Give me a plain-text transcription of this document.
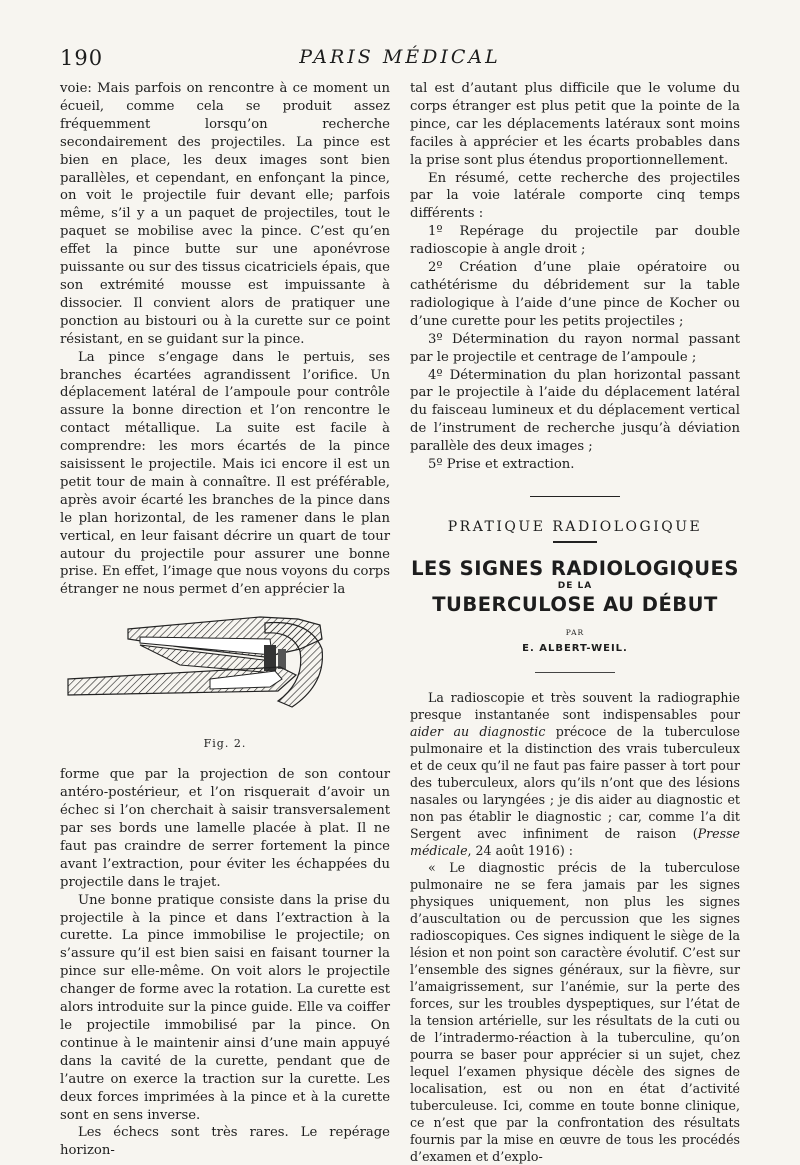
190	PARIS MÉDICAL

voie: Mais parfois on rencontre à ce moment un écueil, comme cela se produit assez fréquemment lorsqu’on recherche secondairement des projectiles. La pince est bien en place, les deux images sont bien parallèles, et cependant, en enfonçant la pince, on voit le projectile fuir devant elle; parfois même, s’il y a un paquet de projectiles, tout le paquet se mobilise avec la pince. C’est qu’en effet la pince butte sur une aponévrose puissante ou sur des tissus cicatriciels épais, que son extrémité mousse est impuissante à dissocier. Il convient alors de pratiquer une ponction au bistouri ou à la curette sur ce point résistant, en se guidant sur la pince.

La pince s’engage dans le pertuis, ses branches écartées agrandissent l’orifice. Un déplacement latéral de l’ampoule pour contrôle assure la bonne direction et l’on rencontre le contact métallique. La suite est facile à comprendre: les mors écartés de la pince saisissent le projectile. Mais ici encore il est un petit tour de main à connaître. Il est préférable, après avoir écarté les branches de la pince dans le plan horizontal, de les ramener dans le plan vertical, en leur faisant décrire un quart de tour autour du projectile pour assurer une bonne prise. En effet, l’image que nous voyons du corps étranger ne nous permet d’en apprécier la

Fig. 2.

forme que par la projection de son contour antéro-postérieur, et l’on risquerait d’avoir un échec si l’on cherchait à saisir transversalement par ses bords une lamelle placée à plat. Il ne faut pas craindre de serrer fortement la pince avant l’extraction, pour éviter les échappées du projectile dans le trajet.

Une bonne pratique consiste dans la prise du projectile à la pince et dans l’extraction à la curette. La pince immobilise le projectile; on s’assure qu’il est bien saisi en faisant tourner la pince sur elle-même. On voit alors le projectile changer de forme avec la rotation. La curette est alors introduite sur la pince guide. Elle va coiffer le projectile immobilisé par la pince. On continue à le maintenir ainsi d’une main appuyé dans la cavité de la curette, pendant que de l’autre on exerce la traction sur la curette. Les deux forces imprimées à la pince et à la curette sont en sens inverse.

Les échecs sont très rares. Le repérage horizon-

tal est d’autant plus difficile que le volume du corps étranger est plus petit que la pointe de la pince, car les déplacements latéraux sont moins faciles à apprécier et les écarts probables dans la prise sont plus étendus proportionnellement.

En résumé, cette recherche des projectiles par la voie latérale comporte cinq temps différents :

1º Repérage du projectile par double radioscopie à angle droit ;

2º Création d’une plaie opératoire ou cathétérisme du débridement sur la table radiologique à l’aide d’une pince de Kocher ou d’une curette pour les petits projectiles ;

3º Détermination du rayon normal passant par le projectile et centrage de l’ampoule ;

4º Détermination du plan horizontal passant par le projectile à l’aide du déplacement latéral du faisceau lumineux et du déplacement vertical de l’instrument de recherche jusqu’à déviation parallèle des deux images ;

5º Prise et extraction.

PRATIQUE RADIOLOGIQUE
LES SIGNES RADIOLOGIQUES
DE LA
TUBERCULOSE AU DÉBUT
PAR
E. ALBERT-WEIL.

La radioscopie et très souvent la radiographie presque instantanée sont indispensables pour aider au diagnostic précoce de la tuberculose pulmonaire et la distinction des vrais tuberculeux et de ceux qu’il ne faut pas faire passer à tort pour des tuberculeux, alors qu’ils n’ont que des lésions nasales ou laryngées ; je dis aider au diagnostic et non pas établir le diagnostic ; car, comme l’a dit Sergent avec infiniment de raison (Presse médicale, 24 août 1916) :

« Le diagnostic précis de la tuberculose pulmonaire ne se fera jamais par les signes physiques uniquement, non plus les signes d’auscultation ou de percussion que les signes radioscopiques. Ces signes indiquent le siège de la lésion et non point son caractère évolutif. C’est sur l’ensemble des signes généraux, sur la fièvre, sur l’amaigrissement, sur l’anémie, sur la perte des forces, sur les troubles dyspeptiques, sur l’état de la tension artérielle, sur les résultats de la cuti ou de l’intradermo-réaction à la tuberculine, qu’on pourra se baser pour apprécier si un sujet, chez lequel l’examen physique décèle des signes de localisation, est ou non en état d’activité tuberculeuse. Ici, comme en toute bonne clinique, ce n’est que par la confrontation des résultats fournis par la mise en œuvre de tous les procédés d’examen et d’explo-
